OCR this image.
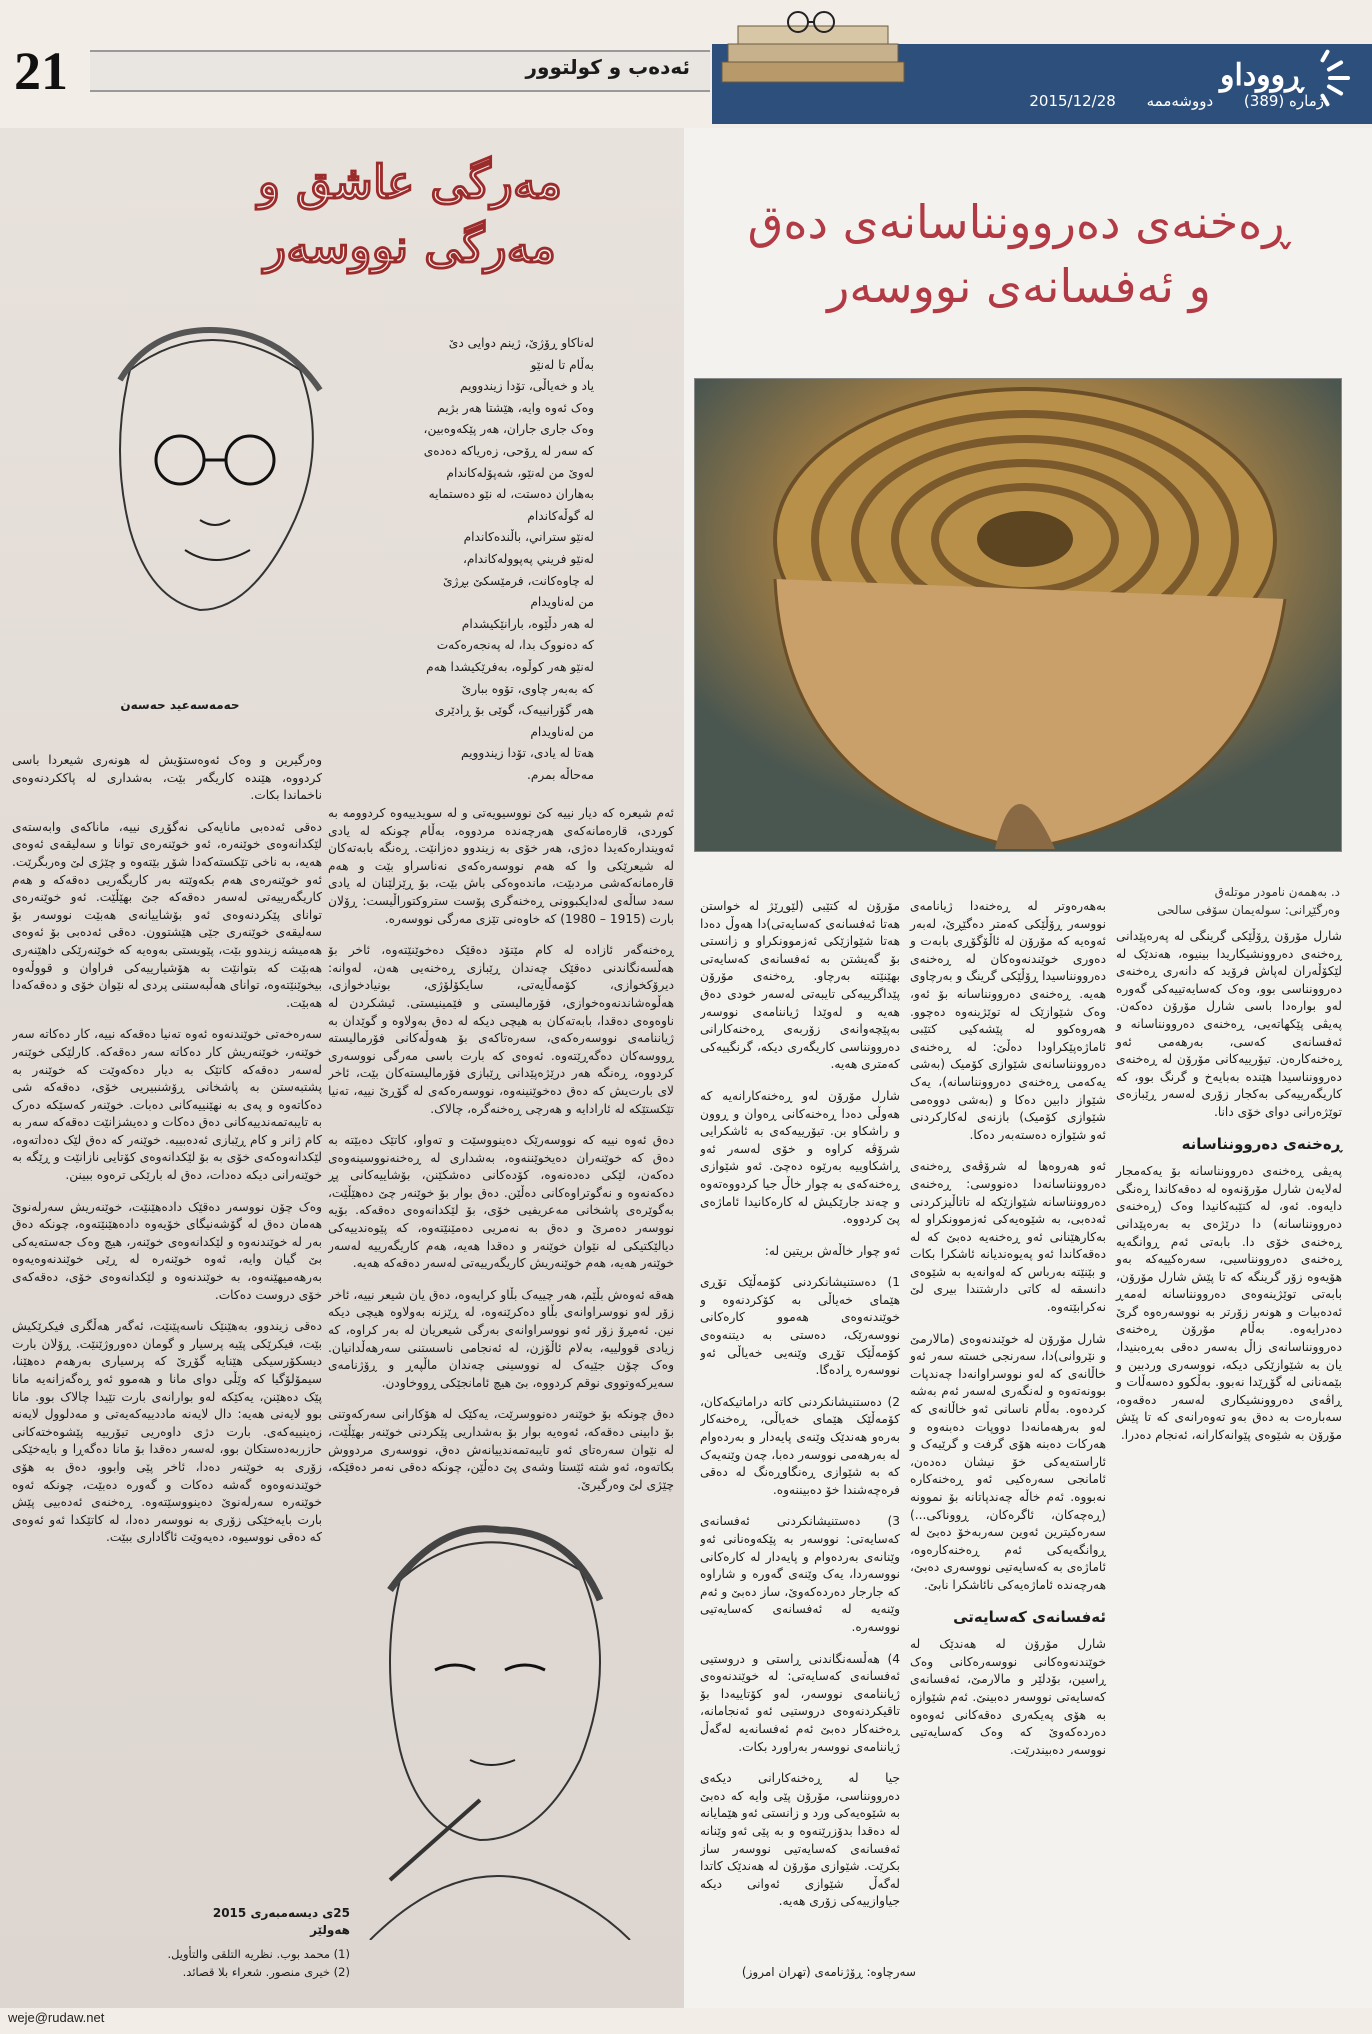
21	ئەدەب و کولتوور	ڕووداو
ژمارە (389) دووشەممە 2015/12/28
ڕەخنەی دەروونناسانەی دەق
و ئەفسانەی نووسەر
د. بەهمەن نامودر موتلەق
وەرگێڕانی: سولەیمان سۆفی سالحی

شارل مۆرۆن ڕۆڵێکی گرینگی لە پەرەپێدانی ڕەخنەی دەروونشیکاریدا بینیوە، هەندێک لە لێکۆڵەران لەپاش فرۆید کە دانەری ڕەخنەی دەروونناسی بوو، وەک کەسایەتییەکی گەورە لەو بوارەدا باسی شارل مۆرۆن دەکەن. پەیڤی پێکهاتەیی، ڕەخنەی دەروونناسانە و ئەفسانەی کەسی، بەرهەمی ئەو ڕەخنەکارەن. تیۆرییەکانی مۆرۆن لە ڕەخنەی دەروونناسیدا هێندە بەبایەخ و گرنگ بوو، کە کاریگەرییەکی بەکجار زۆری لەسەر ڕێبازەی توێژەرانی دوای خۆی دانا.

ڕەخنەی دەروونناسانە

پەیڤی ڕەخنەی دەروونناسانە بۆ یەکەمجار لەلایەن شارل مۆرۆنەوە لە دەقەکاندا ڕەنگی دایەوە. ئەو، لە کتێبەکانیدا وەک (ڕەخنەی دەروونناسانە) دا درێژەی بە بەرەپێدانی ڕەخنەی خۆی دا. بابەتی ئەم ڕوانگەیە ڕەخنەی دەروونناسیی، سەرەکییەکە بەو هۆیەوە زۆر گرینگە کە تا پێش شارل مۆرۆن، بابەتی توێژینەوەی دەروونناسانە لەمەڕ ئەدەبیات و هونەر زۆرتر بە نووسەرەوە گرێ دەدرایەوە. بەڵام مۆرۆن ڕەخنەی دەروونناسانەی زاڵ بەسەر دەقی بەڕەبنیدا، یان بە شێوازێکی دیکە، نووسەری وردبین و بێمەنانی لە گۆڕێدا نەبوو. بەڵکوو دەسەڵات و ڕاڤەی دەروونشیکاری لەسەر دەقەوە، سەبارەت بە دەق بەو تەوەرانەی کە تا پێش مۆرۆن بە شێوەی پێوانەکارانە، ئەنجام دەدرا.

بەهەرەوتر لە ڕەخنەدا ژیانامەی نووسەر ڕۆڵێکی کەمتر دەگێڕێ، لەبەر ئەوەیە کە مۆرۆن لە ئاڵۆگۆڕی بابەت و دەوری خوێندنەوەکان لە ڕەخنەی دەروونناسیدا ڕۆڵێکی گرینگ و بەرچاوی هەیە. ڕەخنەی دەروونناسانە بۆ ئەو، وەک شێوازێک لە توێژینەوە دەچوو. هەروەکوو لە پێشەکیی کتێبی ئاماژەپێکراودا دەڵێ: لە ڕەخنەی دەروونناسانەی شێوازی کۆمیک (بەشی یەکەمی ڕەخنەی دەروونناسانە)، یەک شێواز دابین دەکا و (بەشی دووەمی شێوازی کۆمیک) بازنەی لەکارکردنی ئەو شێوازە دەستەبەر دەکا.

ئەو هەروەها لە شرۆڤەی ڕەخنەی دەروونناسانەدا دەنووسی: ڕەخنەی دەروونناسانە شێوازێکە لە تاتاڵیزکردنی ئەدەبی، بە شێوەیەکی ئەزموونکراو لە بەکارهێنانی ئەو ڕەخنەیە دەبێ کە لە دەقەکاندا ئەو پەیوەندیانە ئاشکرا بکات و بێنێتە بەرباس کە لەوانەیە بە شێوەی دانسقە لە کاتی دارشتندا بیرى لێ نەکرابێتەوە.

شارل مۆرۆن لە خوێندنەوەی (مالارمێ و نێروانی)دا، سەرنجی خستە سەر ئەو خاڵانەی کە لەو نووسراوانەدا چەندپات بوونەتەوە و لەنگەری لەسەر ئەم بەشە کردەوە. بەڵام ناسانی ئەو خاڵانەی کە لەو بەرهەمانەدا دووپات دەبنەوە و هەرکات دەبنە هۆی گرفت و گرێیەک و ئاراستەیەکی خۆ نیشان دەدەن، ئامانجی سەرەکیی ئەو ڕەخنەکارە نەبووە. ئەم خاڵە چەندپاتانە بۆ نموونە (ڕەچەکان، ئاگرەکان، ڕووناکی...) سەرەکیترین ئەوین سەربەخۆ دەبێ لە ڕوانگەیەکی ئەم ڕەخنەکارەوە، ئاماژەی بە کەسایەتیی نووسەری دەبێ، هەرچەندە ئاماژەیەکی نائاشکرا نابێ.

ئەفسانەی کەسایەتی

شارل مۆرۆن لە هەندێک لە خوێندنەوەکانی نووسەرەکانی وەک ڕاسین، بۆدلێر و مالارمێ، ئەفسانەی کەسایەتی نووسەر دەبینێ. ئەم شێوازە بە هۆی پەیکەری دەقەکانی ئەوەوە دەردەکەوێ کە وەک کەسایەتیی نووسەر دەبیندرێت.

مۆرۆن لە کتێبی (لێوڕێژ لە خواستن هەتا ئەفسانەی کەسایەتی)دا هەوڵ دەدا هەتا شێوازێکی ئەزموونکراو و زانستی بۆ گەیشتن بە ئەفسانەی کەسایەتی بهێنێتە بەرچاو. ڕەخنەی مۆرۆن پێداگرییەکی تایبەتی لەسەر خودی دەق هەیە و لەوێدا ژیاننامەی نووسەر بەپێچەوانەی زۆربەی ڕەخنەکارانی دەروونناسی کاریگەری دیکە، گرنگییەکی کەمتری هەیە.

شارل مۆرۆن لەو ڕەخنەکارانەیە کە هەوڵی دەدا ڕەخنەکانی ڕەوان و ڕوون و راشکاو بن. تیۆرییەکەی بە ئاشکرایی شرۆڤە کراوە و خۆی لەسەر ئەو ڕاشکاوییە بەرێوە دەچێ. ئەو شێوازی ڕەخنەکەی بە چوار خاڵ جیا کردووەتەوە و چەند جارێکیش لە کارەکانیدا ئاماژەی پێ کردووە.

ئەو چوار خاڵەش بریتین لە:

1) دەستنیشانکردنی کۆمەڵێک تۆڕی هێمای خەیاڵی بە کۆکردنەوە و خوێندنەوەی هەموو کارەکانی نووسەرێک، دەستی بە دیتنەوەی کۆمەڵێک تۆڕی وێنەیی خەیاڵی ئەو نووسەرە ڕادەگا.

2) دەستنیشانکردنی کاتە دراماتیکەکان، کۆمەڵێک هێمای خەیاڵی، ڕەخنەکار بەرەو هەندێک وێنەی پایەدار و بەردەوام لە بەرهەمی نووسەر دەبا، چەن وێنەیەک کە بە شێوازی ڕەنگاوڕەنگ لە دەقی فرەچەشندا خۆ دەبیننەوە.

3) دەستنیشانکردنی ئەفسانەی کەسایەتی: نووسەر بە پێکەوەنانی ئەو وێنانەی بەردەوام و پایەدار لە کارەکانی نووسەردا، یەک وێنەی گەورە و شاراوە کە جارجار دەردەکەوێ، ساز دەبێ و ئەم وێنەیە لە ئەفسانەی کەسایەتیی نووسەرە.

4) هەڵسەنگاندنی ڕاستی و دروستیی ئەفسانەی کەسایەتی: لە خوێندنەوەی ژیاننامەی نووسەر، لەو کۆتاییەدا بۆ تاقیکردنەوەی دروستیی ئەو ئەنجامانە، ڕەخنەکار دەبێ ئەم ئەفسانەیە لەگەڵ ژیاننامەی نووسەر بەراورد بکات.

جیا لە ڕەخنەکارانی دیکەی دەروونناسی، مۆرۆن پێی وایە کە دەبێ بە شێوەیەکی ورد و زانستی ئەو هێمایانە لە دەقدا بدۆزرێنەوە و بە پێی ئەو وێنانە ئەفسانەی کەسایەتیی نووسەر ساز بکرێت. شێوازی مۆرۆن لە هەندێک کاتدا لەگەڵ شێوازی ئەوانی دیکە جیاوازییەکی زۆری هەیە.

سەرچاوە: ڕۆژنامەی (تهران امروز)
مەرگی عاشق و
مەرگی نووسەر
حەمەسەعید حەسەن
لەناکاو ڕۆژێ، ژینم دوایی دێ
بەڵام تا لەنێو
یاد و خەیاڵی، تۆدا زیندوویم
وەک ئەوە وایە، هێشتا هەر بژیم
وەک جاری جاران، هەر پێکەوەبین،
کە سەر لە ڕۆحی، زەریاکە دەدەی
لەوێ من لەنێو، شەپۆلەکاندام
بەهاران دەستت، لە نێو دەستمایە
لە گوڵەکاندام
لەنێو ستراني، باڵندەکاندام
لەنێو فریني پەپوولەکاندام،
لە چاوەکانت، فرمێسکێ بڕژێ
من لەناویدام
لە هەر دڵێوە، بارانێکیشدام
کە دەنووک بدا، لە پەنجەرەکەت
لەنێو هەر کوڵوە، بەفرێکیشدا هەم
کە بەبەر چاوی، تۆوە ببارێ
هەر گۆرانییەک، گوێی بۆ ڕادێری
من لەناویدام
هەتا لە یادی، تۆدا زیندوویم
مەحاڵە بمرم.

ئەم شیعرە کە دیار نییە کێ نووسیویەتی و لە سویدییەوە کردوومە بە کوردی، قارەمانەکەی هەرچەندە مردووە، بەڵام چونکە لە یادی ئەویندارەکەیدا دەژی، هەر خۆی بە زیندوو دەزانێت. ڕەنگە بابەتەکان لە شیعرێکی وا کە هەم نووسەرەکەی نەناسراو بێت و هەم قارەمانەکەشی مردبێت، ماندەوەکی باش بێت، بۆ ڕێزلێنان لە یادی سەد ساڵەی لەدایکبوونی ڕەخنەگری پۆست ستروکتوراڵیست: ڕۆلان بارت (1915 – 1980) کە خاوەنی تێزی مەرگی نووسەرە.

ڕەخنەگەر ئازادە لە کام مێتۆد دەقێک دەخوێنێتەوە، ئاخر بۆ هەڵسەنگاندنی دەقێک چەندان ڕێبازی ڕەخنەیی هەن، لەوانە: دیرۆکخوازی، کۆمەڵایەتی، سایکۆلۆژی، بونیادخوازی، هەڵوەشاندنەوەخوازی، فۆرمالیستی و فێمینیستی. ئیشکردن لە ناوەوەی دەقدا، بابەتەکان بە هیچی دیکە لە دەق بەولاوە و گوێدان بە ژیاننامەی نووسەرەکەی، سەرەتاکەی بۆ هەوڵەکانی فۆرمالیستە ڕووسەکان دەگەڕێتەوە. ئەوەی کە بارت باسی مەرگی نووسەری کردووە، ڕەنگە هەر درێژەپێدانی ڕێبازی فۆرمالیستەکان بێت، ئاخر لای بارت‌یش کە دەق دەخوێنینەوە، نووسەرەکەی لە گۆڕێ نییە، تەنیا تێکستێکە لە ئارادایە و هەرچی ڕەخنەگرە، چالاک.

دەق ئەوە نییە کە نووسەرێک دەینووسێت و تەواو، کاتێک دەبێتە بە دەق کە خوێنەران دەیخوێننەوە، بەشداری لە ڕەخنەنووسینەوەی دەکەن، لێکی دەدەنەوە، کۆدەکانی دەشکێنن، بۆشاییەکانی پڕ دەکەنەوە و نەگوتراوەکانی دەڵێن. دەق بوار بۆ خوێنەر چێ دەهێڵێت، بەگوێرەی پاشخانی مەعریفیی خۆی، بۆ لێکدانەوەی دەقەکە. بۆیە نووسەر دەمرێ و دەق بە نەمریی دەمێنێتەوە، کە پێوەندییەکی دیالێکتیکی لە نێوان خوێنەر و دەقدا هەیە، هەم کاریگەرییە لەسەر خوێنەر هەیە، هەم خوێنەریش کاریگەرییەتی لەسەر دەقەکە هەیە.

هەقە ئەوەش بڵێم، هەر چییەک بڵاو کرایەوە، دەق یان شیعر نییە، ئاخر زۆر لەو نووسراوانەی بڵاو دەکرێنەوە، لە ڕێزنە بەولاوە هیچی دیکە نین. ئەمڕۆ زۆر ئەو نووسراوانەی بەرگی شیعریان لە بەر کراوە، کە زیادی قوولییە، بەلام ئاڵۆزن، لە ئەنجامی ناسستنی سەرهەڵدانیان. وەک چۆن جێیەک لە نووسینی چەندان ماڵپەڕ و ڕۆژنامەی سەیرکەوتووی نوقم کردووە، بێ هیچ ئامانجێکی ڕووخاودن.

دەق چونکە بۆ خوێنەر دەنووسرێت، یەکێک لە هۆکارانی سەرکەوتنی بۆ دابینی دەقەکە، ئەوەیە بوار بۆ بەشداریی پێکردنی خوێنەر بهێڵێت، لە نێوان سەرەتای ئەو تایبەتمەندییانەش دەق، نووسەری مردووش بکاتەوە، ئەو شتە ئێستا وشەی پێ دەڵێن، چونکە دەقی نەمر دەقێکە، چێژی لێ وەرگیرێ.

وەرگیرین و وەک ئەوەستۆیش لە هونەری شیعردا باسی کردووە، هێندە کاریگەر بێت، بەشداری لە پاککردنەوەی ناخماندا بکات.

دەقی ئەدەبی مانایەکی نەگۆڕی نییە، ماناکەی وابەستەی لێکدانەوەی خوێنەرە، ئەو خوێنەرەی توانا و سەلیقەی ئەوەی هەیە، بە ناخی تێکستەکەدا شۆڕ بێتەوە و چێژی لێ وەربگرێت. ئەو خوێنەرەی هەم بکەوێتە بەر کاریگەریی دەقەکە و هەم کاریگەرییەتی لەسەر دەقەکە جێ بهێڵێت. ئەو خوێنەرەی توانای پێکردنەوەی ئەو بۆشاییانەی هەبێت نووسەر بۆ سەلیقەی خوێنەری جێی هێشتوون. دەقی ئەدەبی بۆ ئەوەی هەمیشە زیندوو بێت، پێویستی بەوەیە کە خوێنەرێکی داهێنەری هەبێت کە بتوانێت بە هۆشیارییەکی فراوان و قووڵەوە بیخوێنێتەوە، توانای هەڵبەستنی پردی لە نێوان خۆی و دەقەکەدا هەبێت.

سەرەخەتی خوێندنەوە ئەوە تەنیا دەقەکە نییە، کار دەکاتە سەر خوێنەر، خوێنەریش کار دەکاتە سەر دەقەکە. کارلێکی خوێنەر لەسەر دەقەکە کاتێک بە دیار دەکەوێت کە خوێنەر بە پشتبەستن بە پاشخانی ڕۆشنبیریی خۆی، دەقەکە شی دەکاتەوە و پەی بە نهێنییەکانی دەبات. خوێنەر کەسێکە دەرک بە تایبەتمەندییەکانی دەق دەکات و دەیشزانێت دەقەکە سەر بە کام ژانر و کام ڕێبازی ئەدەبییە. خوێنەر کە دەق لێک دەداتەوە، لێکدانەوەکەی خۆی بە بۆ لێکدانەوەی کۆتایی نازانێت و ڕێگە بە خوێنەرانی دیکە دەدات، دەق لە بارێکی ترەوە ببینن.

وەک چۆن نووسەر دەقێک دادەهێنێت، خوێنەریش سەرلەنوێ هەمان دەق لە گۆشەنیگای خۆیەوە دادەهێنێتەوە، چونکە دەق بەر لە خوێندنەوە و لێکدانەوەی خوێنەر، هیچ وەک جەستەیەکی بێ گیان وایە، ئەوە خوێنەرە لە ڕێی خوێندنەوەیەوە بەرهەمیهێنەوە، بە خوێندنەوە و لێکدانەوەی خۆی، دەقەکەی خۆی دروست دەکات.

دەقی زیندوو، بەهێنێک ناسەپێنێت، ئەگەر هەڵگری فیکرێکیش بێت، فیکرێکی پێیە پرسیار و گومان دەوروژێنێت. ڕۆلان بارت دیسکۆرسیکی هێنایە گۆڕێ کە پرسیاری بەرهەم دەهێنا، سیمۆلۆگیا کە وێڵی دوای مانا و هەموو ئەو ڕەگەزانەیە مانا پێک دەهێنن، یەکێکە لەو بوارانەی بارت تێیدا چالاک بوو. مانا بوو لایەنی هەیە: دال لایەنە ماددییەکەیەتی و مەدلوول لایەنە زەینییەکەی. بارت دژی داوەریی تیۆرییە پێشوەختەکانی حازربەدەستکان بوو، لەسەر دەقدا بۆ مانا دەگەڕا و بایەخێکی زۆری بە خوێنەر دەدا، ئاخر پێی وابوو، دەق بە هۆی خوێندنەوەوە گەشە دەکات و گەورە دەبێت، چونکە ئەوە خوێنەرە سەرلەنوێ دەینووسێتەوە. ڕەخنەی ئەدەبیی پێش بارت بایەخێکی زۆری بە نووسەر دەدا، لە کاتێکدا ئەو ئەوەی کە دەقی نووسیوە، دەیەوێت ئاگاداری ببێت.

25ی دیسەمبەری 2015
هەولێر
(1) محمد بوب. نظریه التلقی والتأویل.
(2) خیری منصور. شعراء بلا قصائد.
weje@rudaw.net
